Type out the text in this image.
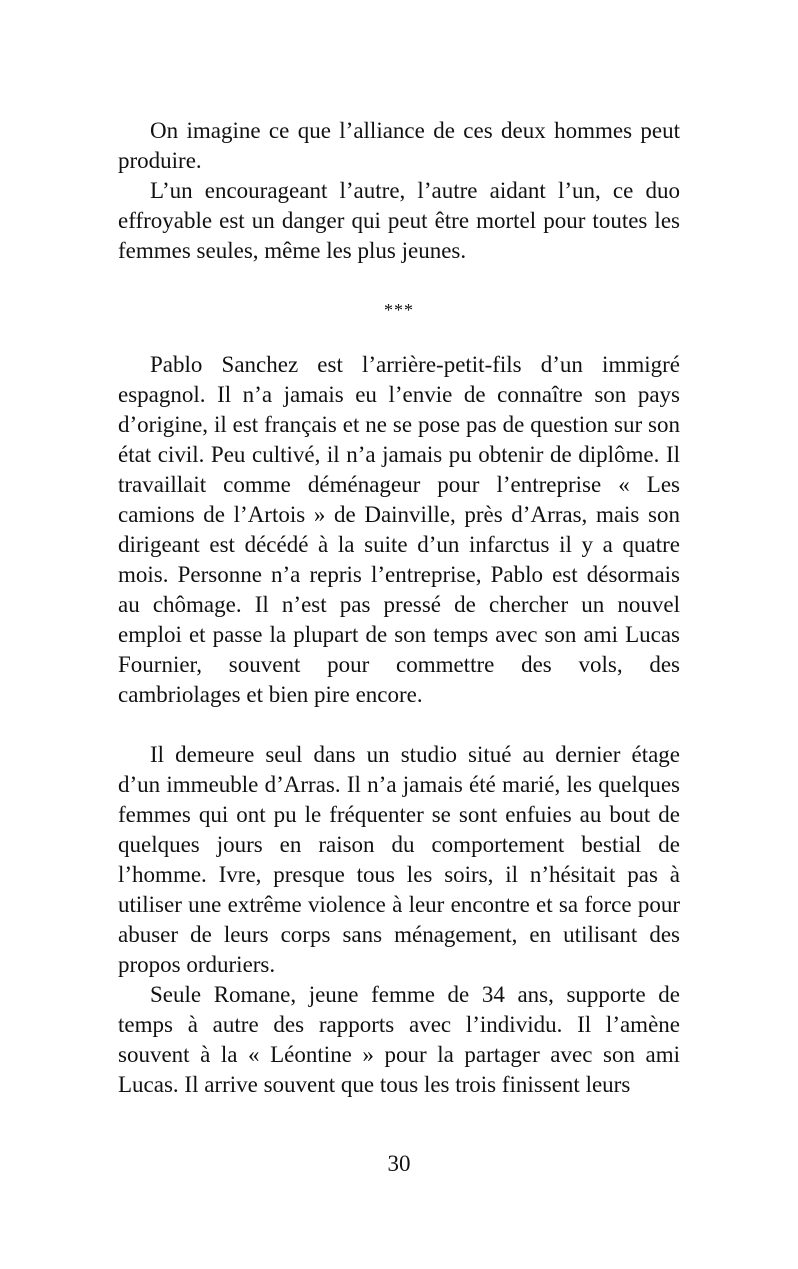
On imagine ce que l’alliance de ces deux hommes peut produire.

L’un encourageant l’autre, l’autre aidant l’un, ce duo effroyable est un danger qui peut être mortel pour toutes les femmes seules, même les plus jeunes.

***

Pablo Sanchez est l’arrière-petit-fils d’un immigré espagnol. Il n’a jamais eu l’envie de connaître son pays d’origine, il est français et ne se pose pas de question sur son état civil. Peu cultivé, il n’a jamais pu obtenir de diplôme. Il travaillait comme déménageur pour l’entreprise « Les camions de l’Artois » de Dainville, près d’Arras, mais son dirigeant est décédé à la suite d’un infarctus il y a quatre mois. Personne n’a repris l’entreprise, Pablo est désormais au chômage. Il n’est pas pressé de chercher un nouvel emploi et passe la plupart de son temps avec son ami Lucas Fournier, souvent pour commettre des vols, des cambriolages et bien pire encore.

Il demeure seul dans un studio situé au dernier étage d’un immeuble d’Arras. Il n’a jamais été marié, les quelques femmes qui ont pu le fréquenter se sont enfuies au bout de quelques jours en raison du comportement bestial de l’homme. Ivre, presque tous les soirs, il n’hésitait pas à utiliser une extrême violence à leur encontre et sa force pour abuser de leurs corps sans ménagement, en utilisant des propos orduriers.

Seule Romane, jeune femme de 34 ans, supporte de temps à autre des rapports avec l’individu. Il l’amène souvent à la « Léontine » pour la partager avec son ami Lucas. Il arrive souvent que tous les trois finissent leurs

30
